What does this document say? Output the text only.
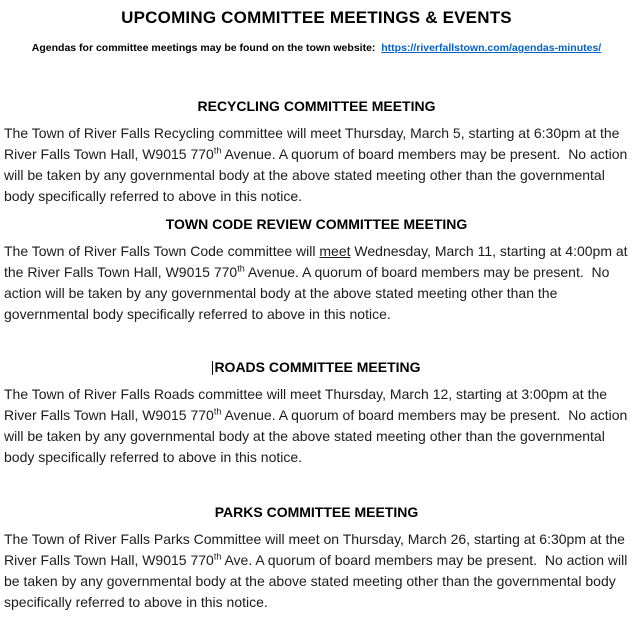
UPCOMING COMMITTEE MEETINGS & EVENTS

Agendas for committee meetings may be found on the town website:  https://riverfallstown.com/agendas-minutes/

RECYCLING COMMITTEE MEETING

The Town of River Falls Recycling committee will meet Thursday, March 5, starting at 6:30pm at the River Falls Town Hall, W9015 770th Avenue. A quorum of board members may be present.  No action will be taken by any governmental body at the above stated meeting other than the governmental body specifically referred to above in this notice.

TOWN CODE REVIEW COMMITTEE MEETING

The Town of River Falls Town Code committee will meet Wednesday, March 11, starting at 4:00pm at the River Falls Town Hall, W9015 770th Avenue. A quorum of board members may be present.  No action will be taken by any governmental body at the above stated meeting other than the governmental body specifically referred to above in this notice.

ROADS COMMITTEE MEETING

The Town of River Falls Roads committee will meet Thursday, March 12, starting at 3:00pm at the River Falls Town Hall, W9015 770th Avenue. A quorum of board members may be present.  No action will be taken by any governmental body at the above stated meeting other than the governmental body specifically referred to above in this notice.

PARKS COMMITTEE MEETING

The Town of River Falls Parks Committee will meet on Thursday, March 26, starting at 6:30pm at the River Falls Town Hall, W9015 770th Ave. A quorum of board members may be present.  No action will be taken by any governmental body at the above stated meeting other than the governmental body specifically referred to above in this notice.
